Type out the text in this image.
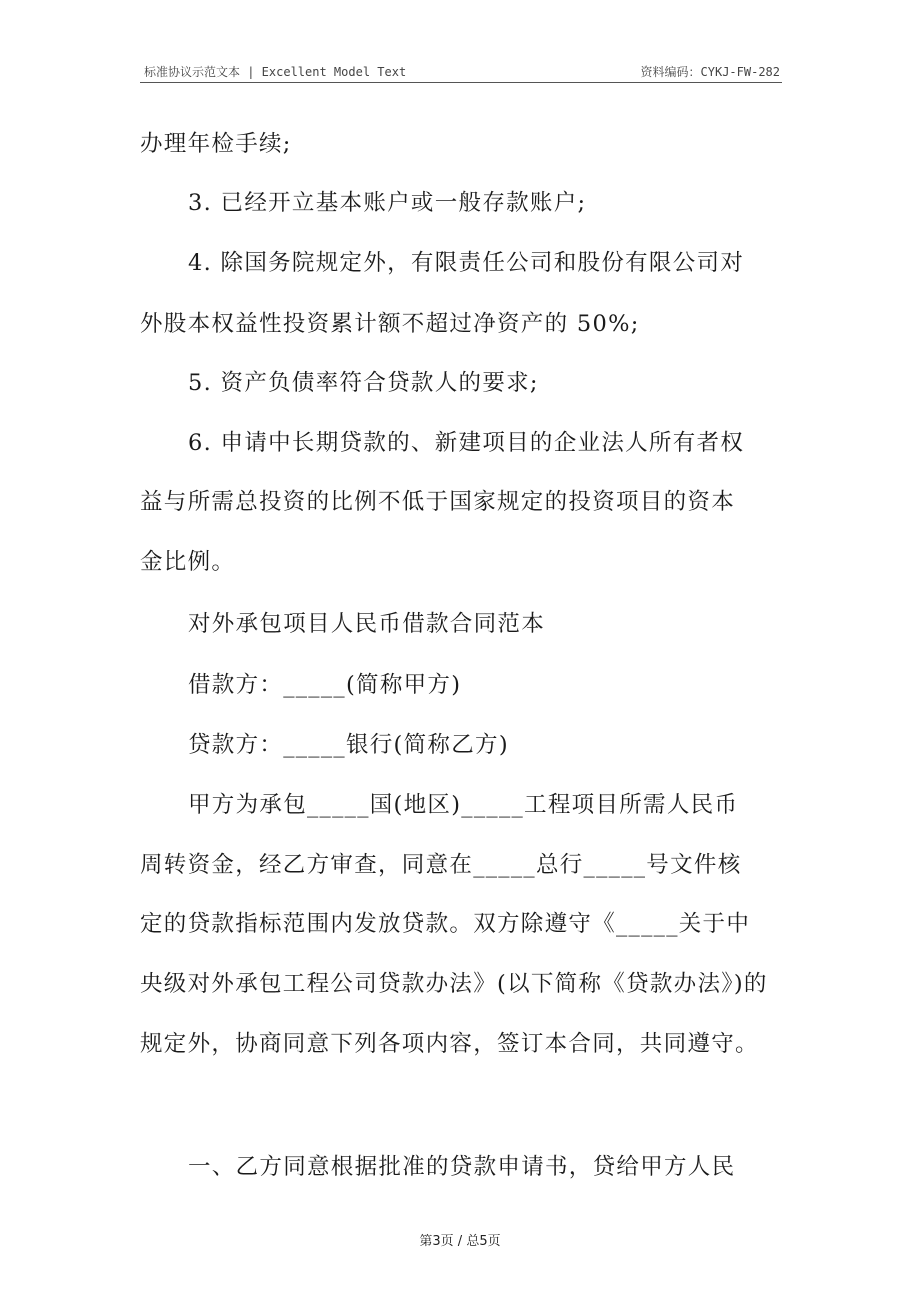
标准协议示范文本 | Excellent Model Text	资料编码：CYKJ-FW-282
办理年检手续;
3. 已经开立基本账户或一般存款账户;
4. 除国务院规定外，有限责任公司和股份有限公司对
外股本权益性投资累计额不超过净资产的 50%;
5. 资产负债率符合贷款人的要求;
6. 申请中长期贷款的、新建项目的企业法人所有者权
益与所需总投资的比例不低于国家规定的投资项目的资本
金比例。
对外承包项目人民币借款合同范本
借款方：_____(简称甲方)
贷款方：_____银行(简称乙方)
甲方为承包_____国(地区)_____工程项目所需人民币
周转资金，经乙方审查，同意在_____总行_____号文件核
定的贷款指标范围内发放贷款。双方除遵守《_____关于中
央级对外承包工程公司贷款办法》(以下简称《贷款办法》)的
规定外，协商同意下列各项内容，签订本合同，共同遵守。
一、乙方同意根据批准的贷款申请书，贷给甲方人民
第3页 / 总5页
